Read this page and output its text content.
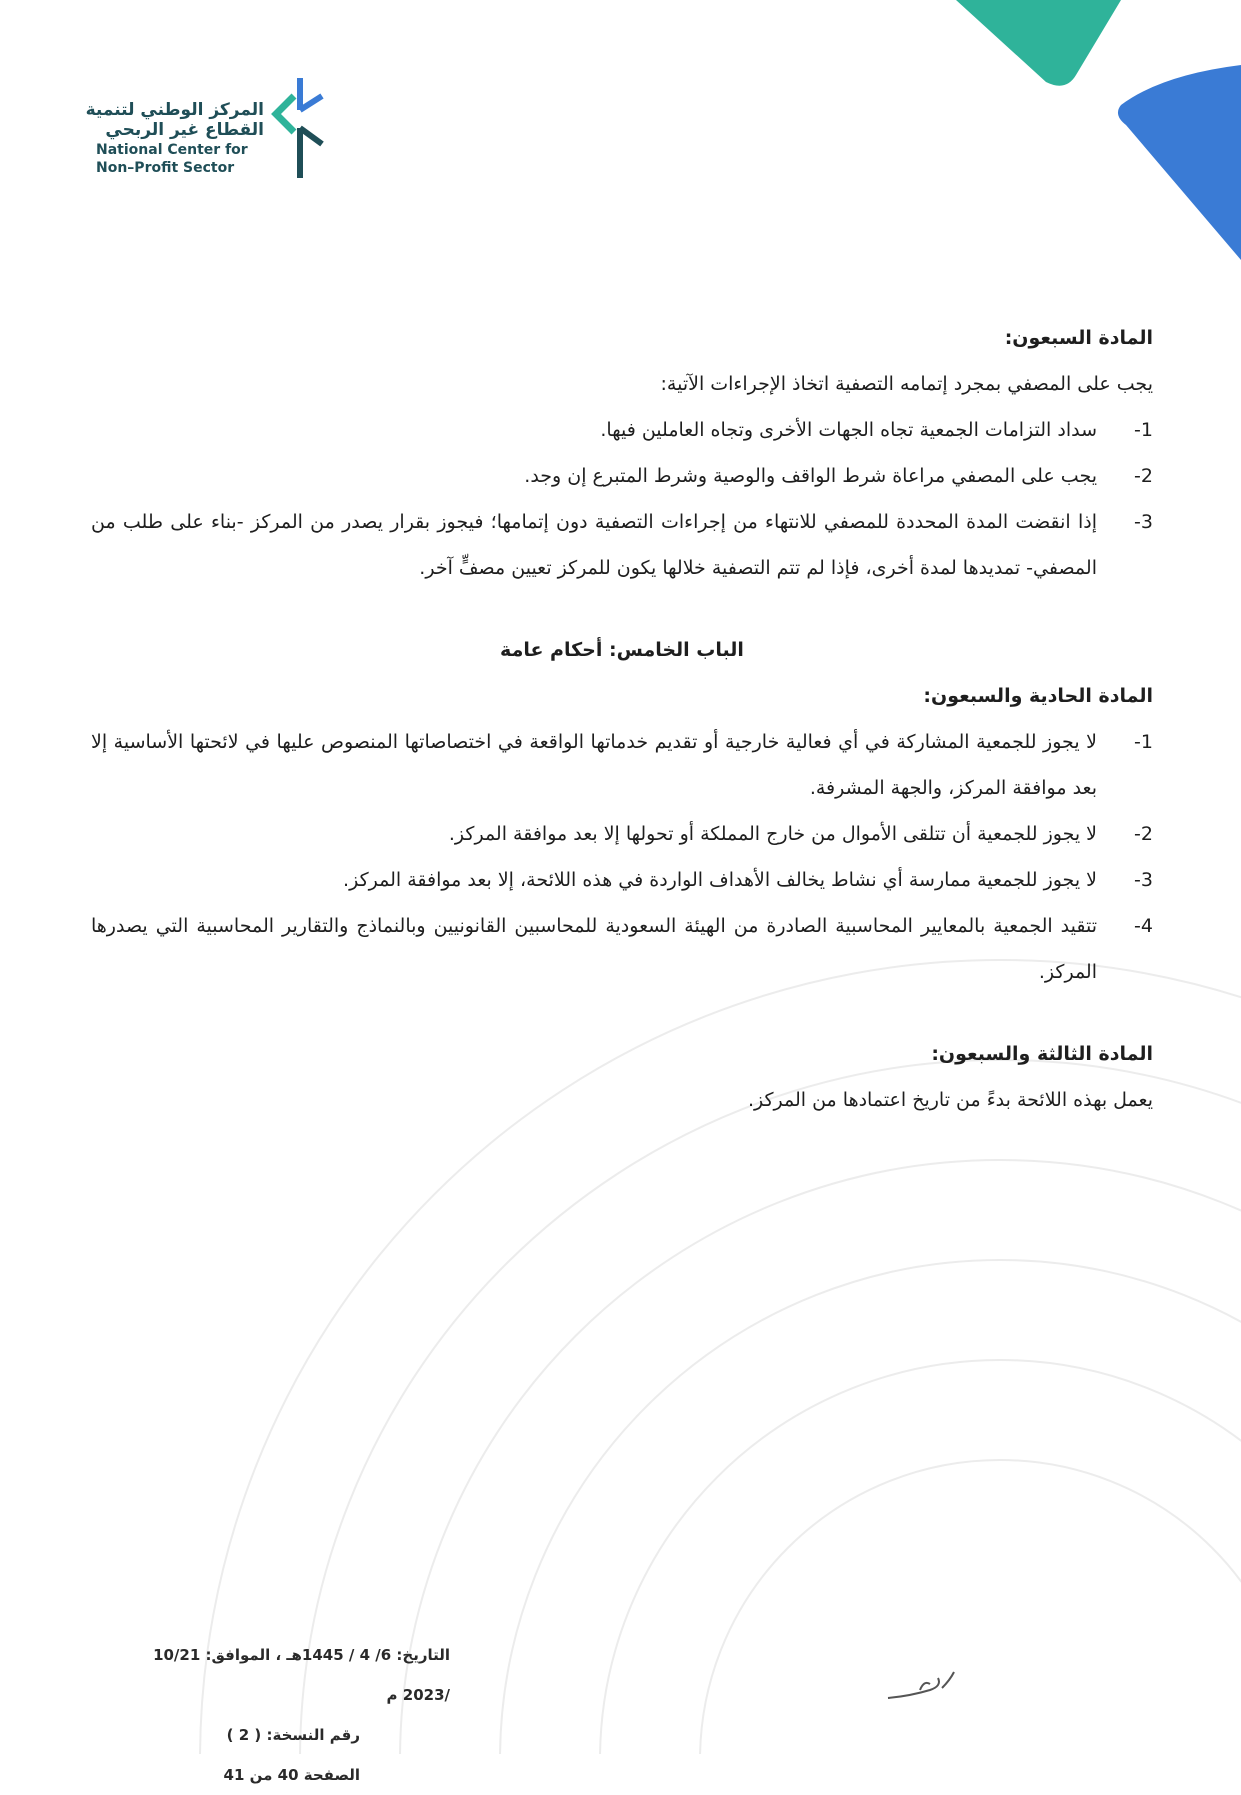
المركز الوطني لتنمية
القطاع غير الربحي
National Center for
Non–Profit Sector
المادة السبعون:
يجب على المصفي بمجرد إتمامه التصفية اتخاذ الإجراءات الآتية:
1-
سداد التزامات الجمعية تجاه الجهات الأخرى وتجاه العاملين فيها.
2-
يجب على المصفي مراعاة شرط الواقف والوصية وشرط المتبرع إن وجد.
3-
إذا انقضت المدة المحددة للمصفي للانتهاء من إجراءات التصفية دون إتمامها؛ فيجوز بقرار يصدر من المركز -بناء على طلب من المصفي- تمديدها لمدة أخرى، فإذا لم تتم التصفية خلالها يكون للمركز تعيين مصفٍّ آخر.
الباب الخامس: أحكام عامة
المادة الحادية والسبعون:
1-
لا يجوز للجمعية المشاركة في أي فعالية خارجية أو تقديم خدماتها الواقعة في اختصاصاتها المنصوص عليها في لائحتها الأساسية إلا بعد موافقة المركز، والجهة المشرفة.
2-
لا يجوز للجمعية أن تتلقى الأموال من خارج المملكة أو تحولها إلا بعد موافقة المركز.
3-
لا يجوز للجمعية ممارسة أي نشاط يخالف الأهداف الواردة في هذه اللائحة، إلا بعد موافقة المركز.
4-
تتقيد الجمعية بالمعايير المحاسبية الصادرة من الهيئة السعودية للمحاسبين القانونيين وبالنماذج والتقارير المحاسبية التي يصدرها المركز.
المادة الثالثة والسبعون:
يعمل بهذه اللائحة بدءً من تاريخ اعتمادها من المركز.
التاريخ: 6/ 4 / 1445هـ ، الموافق: 10/21 /2023 م
رقم النسخة: ( 2 )
الصفحة 40 من 41
